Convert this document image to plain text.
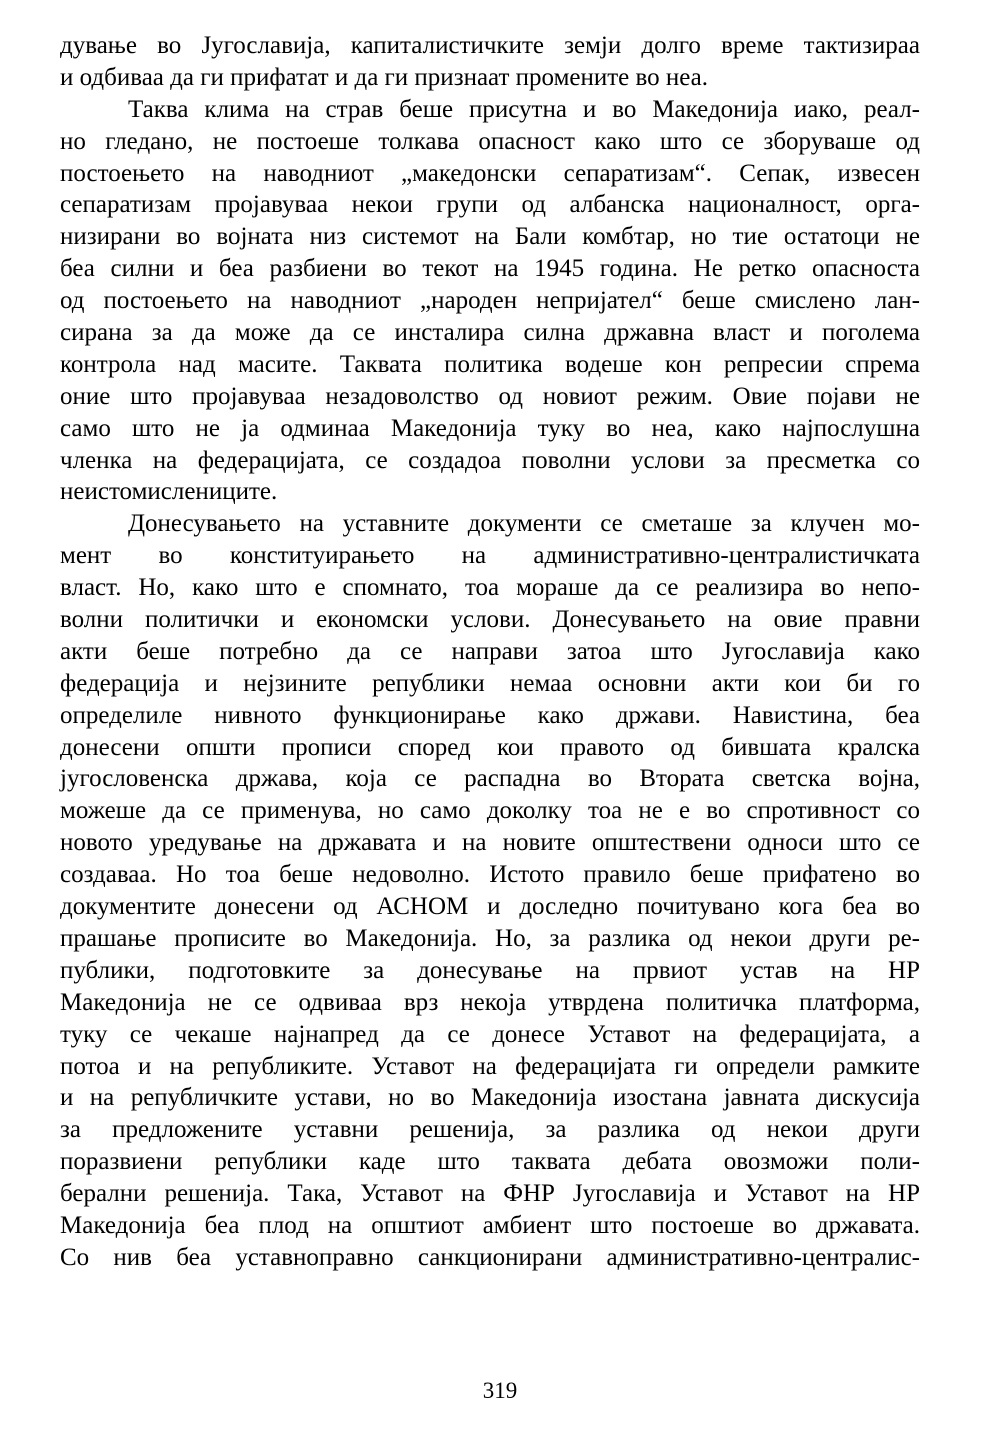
дување во Југославија, капиталистичките земји долго време тактизираа
и одбиваа да ги прифатат и да ги признаат промените во неа.
Таква клима на страв беше присутна и во Македонија иако, реал-
но гледано, не постоеше толкава опасност како што се зборуваше од
постоењето на наводниот „македонски сепаратизам“. Сепак, извесен
сепаратизам пројавуваа некои групи од албанска националност, орга-
низирани во војната низ системот на Бали комбтар, но тие остатоци не
беа силни и беа разбиени во текот на 1945 година. Не ретко опасноста
од постоењето на наводниот „народен непријател“ беше смислено лан-
сирана за да може да се инсталира силна државна власт и поголема
контрола над масите. Таквата политика водеше кон репресии спрема
оние што пројавуваа незадоволство од новиот режим. Овие појави не
само што не ја одминаа Македонија туку во неа, како најпослушна
членка на федерацијата, се создадоа поволни услови за пресметка со
неистомислениците.
Донесувањето на уставните документи се сметаше за клучен мо-
мент во конституирањето на административно-централистичката
власт. Но, како што е спомнато, тоа мораше да се реализира во непо-
волни политички и економски услови. Донесувањето на овие правни
акти беше потребно да се направи затоа што Југославија како
федерација и нејзините републики немаа основни акти кои би го
определиле нивното функционирање како држави. Навистина, беа
донесени општи прописи според кои правото од бившата кралска
југословенска држава, која се распадна во Втората светска војна,
можеше да се применува, но само доколку тоа не е во спротивност со
новото уредување на државата и на новите општествени односи што се
создаваа. Но тоа беше недоволно. Истото правило беше прифатено во
документите донесени од АСНОМ и доследно почитувано кога беа во
прашање прописите во Македонија. Но, за разлика од некои други ре-
публики, подготовките за донесување на првиот устав на НР
Македонија не се одвиваа врз некоја утврдена политичка платформа,
туку се чекаше најнапред да се донесе Уставот на федерацијата, а
потоа и на републиките. Уставот на федерацијата ги определи рамките
и на републичките устави, но во Македонија изостана јавната дискусија
за предложените уставни решенија, за разлика од некои други
поразвиени републики каде што таквата дебата овозможи поли-
берални решенија. Така, Уставот на ФНР Југославија и Уставот на НР
Македонија беа плод на општиот амбиент што постоеше во државата.
Со нив беа уставноправно санкционирани административно-централис-
319
